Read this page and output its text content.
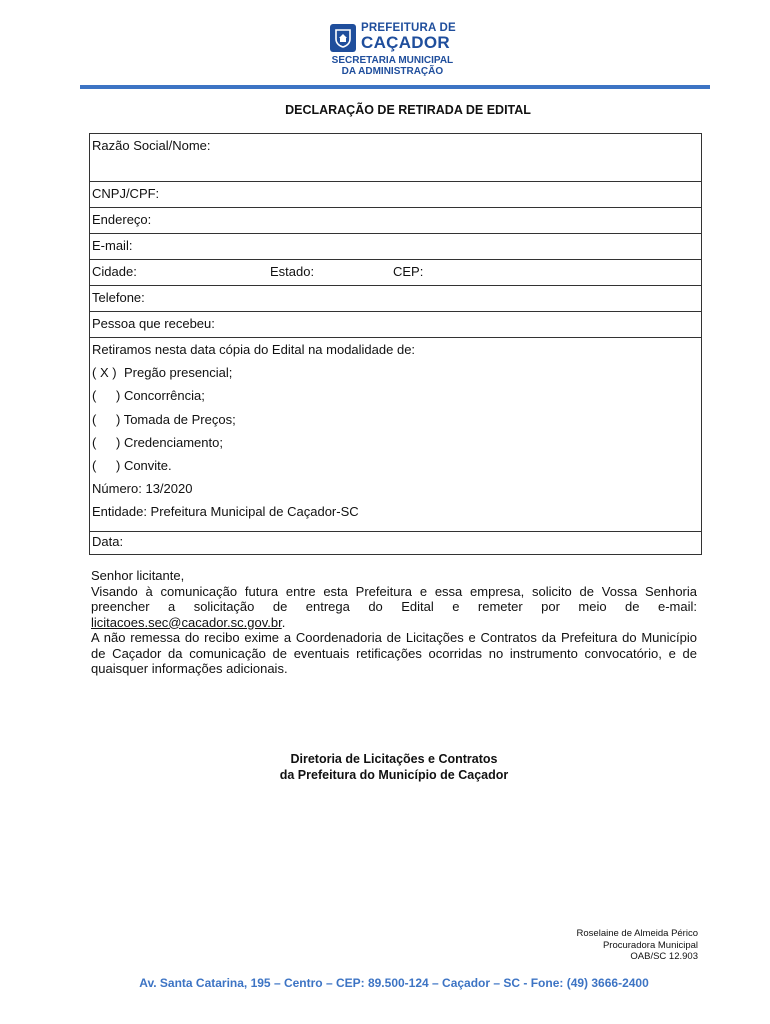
PREFEITURA DE
CAÇADOR
SECRETARIA MUNICIPAL
DA ADMINISTRAÇÃO
DECLARAÇÃO DE RETIRADA DE EDITAL
Razão Social/Nome:
CNPJ/CPF:
Endereço:
E-mail:
Cidade:	Estado:	CEP:
Telefone:
Pessoa que recebeu:
Retiramos nesta data cópia do Edital na modalidade de:
( X ) Pregão presencial;
(	) Concorrência;
(	) Tomada de Preços;
(	) Credenciamento;
(	) Convite.
Número: 13/2020
Entidade: Prefeitura Municipal de Caçador-SC
Data:

Senhor licitante,

Visando à comunicação futura entre esta Prefeitura e essa empresa, solicito de Vossa Senhoria preencher a solicitação de entrega do Edital e remeter por meio de e-mail: licitacoes.sec@cacador.sc.gov.br.

A não remessa do recibo exime a Coordenadoria de Licitações e Contratos da Prefeitura do Município de Caçador da comunicação de eventuais retificações ocorridas no instrumento convocatório, e de quaisquer informações adicionais.

Diretoria de Licitações e Contratos
da Prefeitura do Município de Caçador
Roselaine de Almeida Périco
Procuradora Municipal
OAB/SC 12.903
Av. Santa Catarina, 195 – Centro – CEP: 89.500-124 – Caçador – SC - Fone: (49) 3666-2400
